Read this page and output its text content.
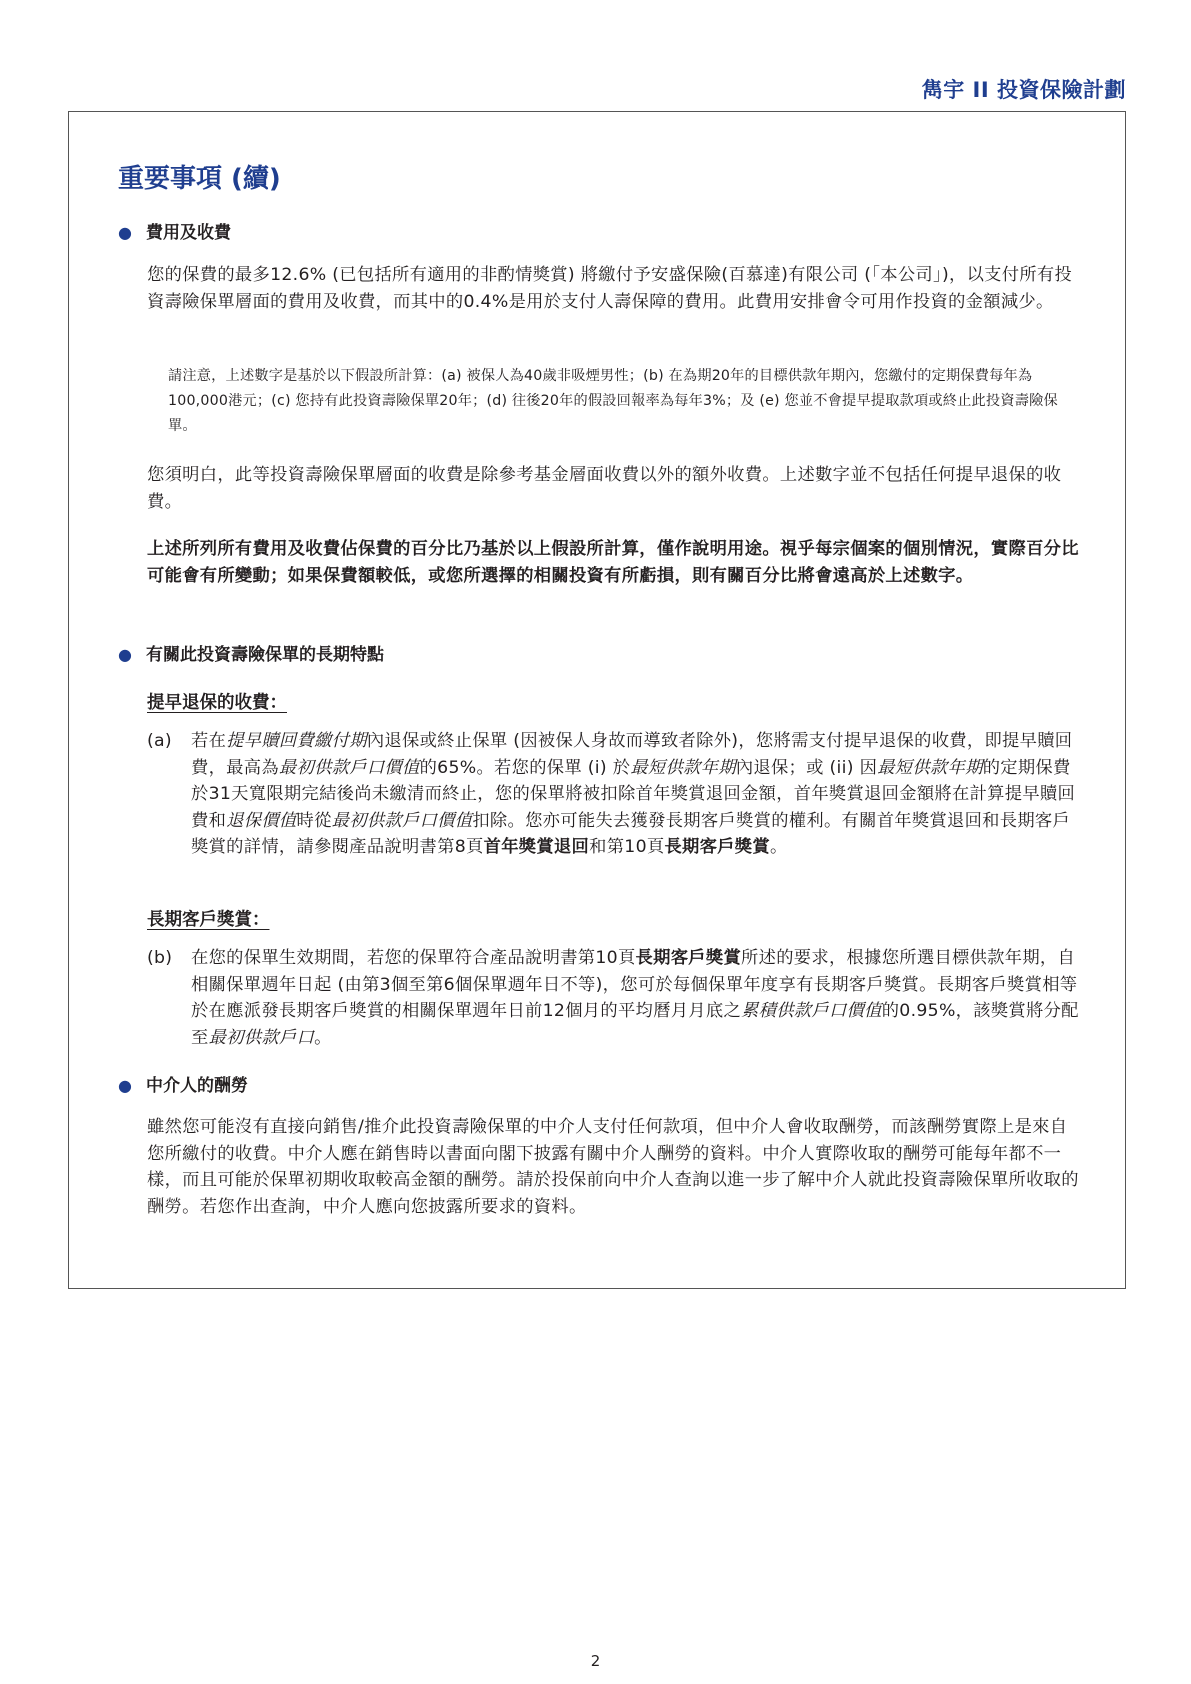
雋宇 II 投資保險計劃
重要事項 (續)
● 費用及收費

您的保費的最多12.6% (已包括所有適用的非酌情獎賞) 將繳付予安盛保險(百慕達)有限公司 (「本公司」)，以支付所有投資壽險保單層面的費用及收費，而其中的0.4%是用於支付人壽保障的費用。此費用安排會令可用作投資的金額減少。

請注意，上述數字是基於以下假設所計算：(a) 被保人為40歲非吸煙男性；(b) 在為期20年的目標供款年期內，您繳付的定期保費每年為100,000港元；(c) 您持有此投資壽險保單20年；(d) 往後20年的假設回報率為每年3%；及 (e) 您並不會提早提取款項或終止此投資壽險保單。

您須明白，此等投資壽險保單層面的收費是除參考基金層面收費以外的額外收費。上述數字並不包括任何提早退保的收費。

上述所列所有費用及收費佔保費的百分比乃基於以上假設所計算，僅作說明用途。視乎每宗個案的個別情況，實際百分比可能會有所變動；如果保費額較低，或您所選擇的相關投資有所虧損，則有關百分比將會遠高於上述數字。

● 有關此投資壽險保單的長期特點
提早退保的收費：
(a) 若在提早贖回費繳付期內退保或終止保單 (因被保人身故而導致者除外)，您將需支付提早退保的收費，即提早贖回費，最高為最初供款戶口價值的65%。若您的保單 (i) 於最短供款年期內退保；或 (ii) 因最短供款年期的定期保費於31天寬限期完結後尚未繳清而終止，您的保單將被扣除首年獎賞退回金額，首年獎賞退回金額將在計算提早贖回費和退保價值時從最初供款戶口價值扣除。您亦可能失去獲發長期客戶獎賞的權利。有關首年獎賞退回和長期客戶獎賞的詳情，請參閱產品說明書第8頁首年獎賞退回和第10頁長期客戶獎賞。

長期客戶獎賞：
(b) 在您的保單生效期間，若您的保單符合產品說明書第10頁長期客戶獎賞所述的要求，根據您所選目標供款年期，自相關保單週年日起 (由第3個至第6個保單週年日不等)，您可於每個保單年度享有長期客戶獎賞。長期客戶獎賞相等於在應派發長期客戶獎賞的相關保單週年日前12個月的平均曆月月底之累積供款戶口價值的0.95%，該獎賞將分配至最初供款戶口。

● 中介人的酬勞

雖然您可能沒有直接向銷售/推介此投資壽險保單的中介人支付任何款項，但中介人會收取酬勞，而該酬勞實際上是來自您所繳付的收費。中介人應在銷售時以書面向閣下披露有關中介人酬勞的資料。中介人實際收取的酬勞可能每年都不一樣，而且可能於保單初期收取較高金額的酬勞。請於投保前向中介人查詢以進一步了解中介人就此投資壽險保單所收取的酬勞。若您作出查詢，中介人應向您披露所要求的資料。

2
